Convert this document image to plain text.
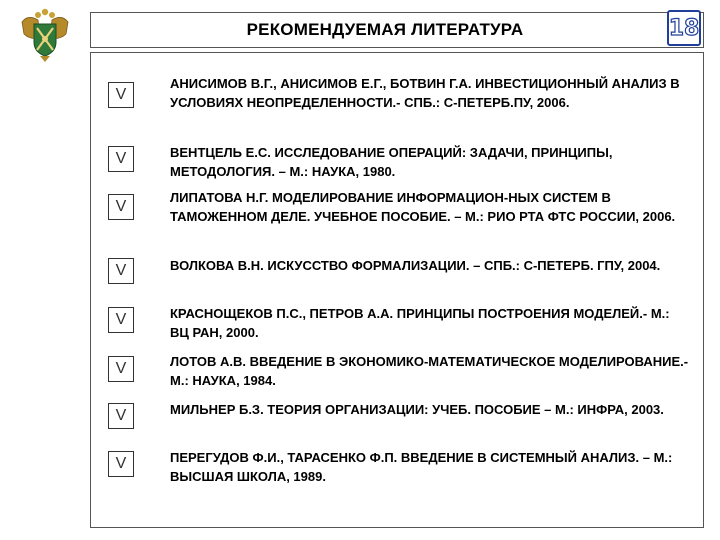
РЕКОМЕНДУЕМАЯ ЛИТЕРАТУРА	18
V

АНИСИМОВ В.Г., АНИСИМОВ Е.Г., БОТВИН Г.А. ИНВЕСТИЦИОННЫЙ АНАЛИЗ В УСЛОВИЯХ НЕОПРЕДЕЛЕННОСТИ.- СПБ.: С-ПЕТЕРБ.ПУ, 2006.

V	ВЕНТЦЕЛЬ Е.С. ИССЛЕДОВАНИЕ ОПЕРАЦИЙ: ЗАДАЧИ, ПРИНЦИПЫ, МЕТОДОЛОГИЯ. – М.: НАУКА, 1980.

V

ЛИПАТОВА Н.Г. МОДЕЛИРОВАНИЕ ИНФОРМАЦИОН-НЫХ СИСТЕМ В ТАМОЖЕННОМ ДЕЛЕ. УЧЕБНОЕ ПОСОБИЕ. – М.: РИО РТА ФТС РОССИИ, 2006.

V	ВОЛКОВА В.Н. ИСКУССТВО ФОРМАЛИЗАЦИИ. – СПБ.: С-ПЕТЕРБ. ГПУ, 2004.

V	КРАСНОЩЕКОВ П.С., ПЕТРОВ А.А. ПРИНЦИПЫ ПОСТРОЕНИЯ МОДЕЛЕЙ.- М.: ВЦ РАН, 2000.

V	ЛОТОВ А.В. ВВЕДЕНИЕ В ЭКОНОМИКО-МАТЕМАТИЧЕСКОЕ МОДЕЛИРОВАНИЕ.- М.: НАУКА, 1984.

V	МИЛЬНЕР Б.З. ТЕОРИЯ ОРГАНИЗАЦИИ: УЧЕБ. ПОСОБИЕ – М.: ИНФРА, 2003.

V	ПЕРЕГУДОВ Ф.И., ТАРАСЕНКО Ф.П. ВВЕДЕНИЕ В СИСТЕМНЫЙ АНАЛИЗ. – М.: ВЫСШАЯ ШКОЛА, 1989.
